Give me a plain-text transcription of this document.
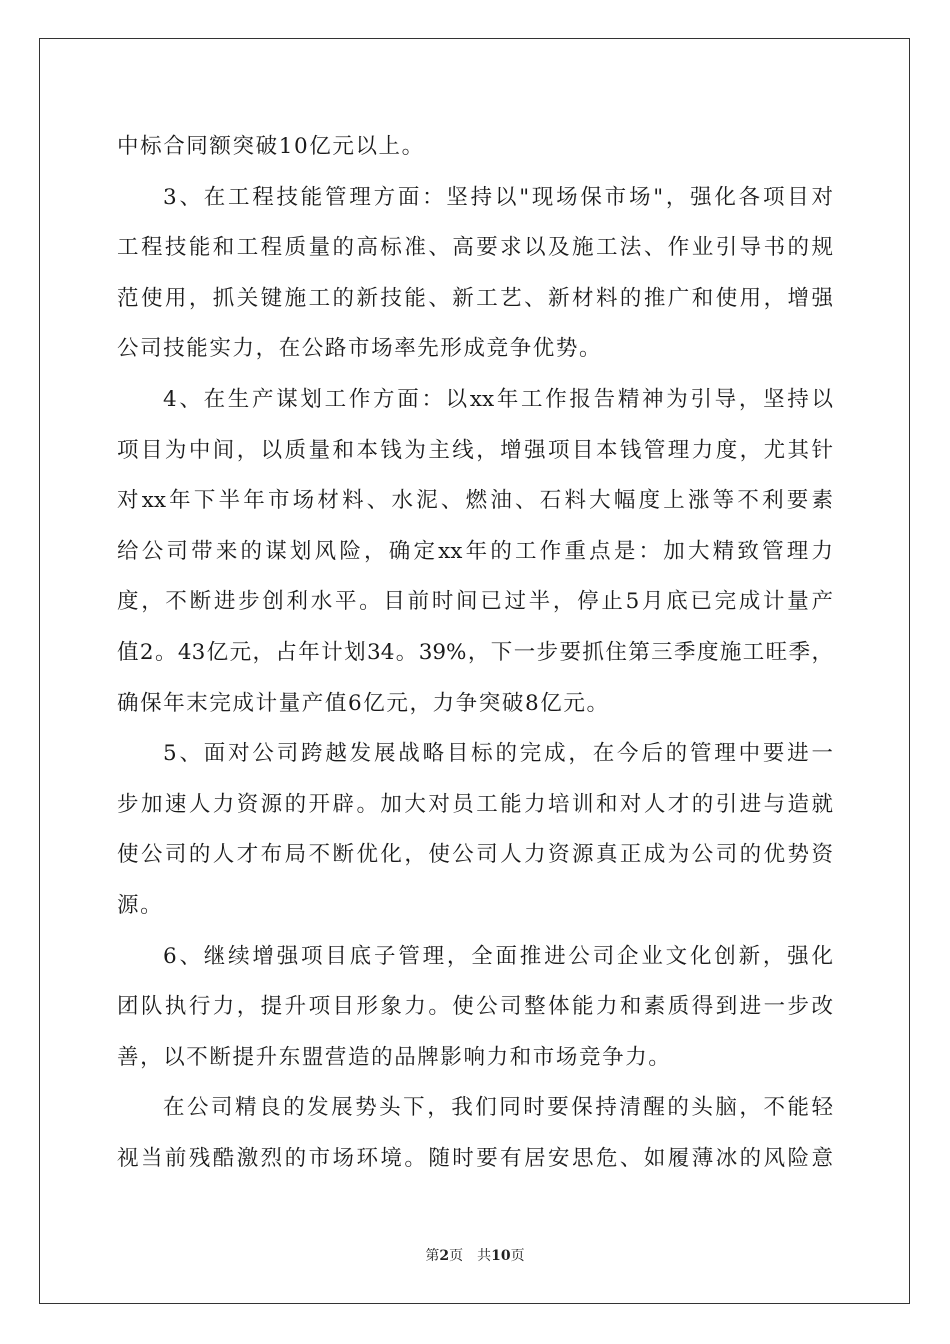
中标合同额突破10亿元以上。
3、在工程技能管理方面：坚持以"现场保市场"，强化各项目对
工程技能和工程质量的高标准、高要求以及施工法、作业引导书的规
范使用，抓关键施工的新技能、新工艺、新材料的推广和使用，增强
公司技能实力，在公路市场率先形成竞争优势。
4、在生产谋划工作方面：以xx年工作报告精神为引导，坚持以
项目为中间，以质量和本钱为主线，增强项目本钱管理力度，尤其针
对xx年下半年市场材料、水泥、燃油、石料大幅度上涨等不利要素
给公司带来的谋划风险，确定xx年的工作重点是：加大精致管理力
度，不断进步创利水平。目前时间已过半，停止5月底已完成计量产
值2。43亿元，占年计划34。39%，下一步要抓住第三季度施工旺季，
确保年末完成计量产值6亿元，力争突破8亿元。
5、面对公司跨越发展战略目标的完成，在今后的管理中要进一
步加速人力资源的开辟。加大对员工能力培训和对人才的引进与造就
使公司的人才布局不断优化，使公司人力资源真正成为公司的优势资
源。
6、继续增强项目底子管理，全面推进公司企业文化创新，强化
团队执行力，提升项目形象力。使公司整体能力和素质得到进一步改
善，以不断提升东盟营造的品牌影响力和市场竞争力。
在公司精良的发展势头下，我们同时要保持清醒的头脑，不能轻
视当前残酷激烈的市场环境。随时要有居安思危、如履薄冰的风险意
第2页 共10页
